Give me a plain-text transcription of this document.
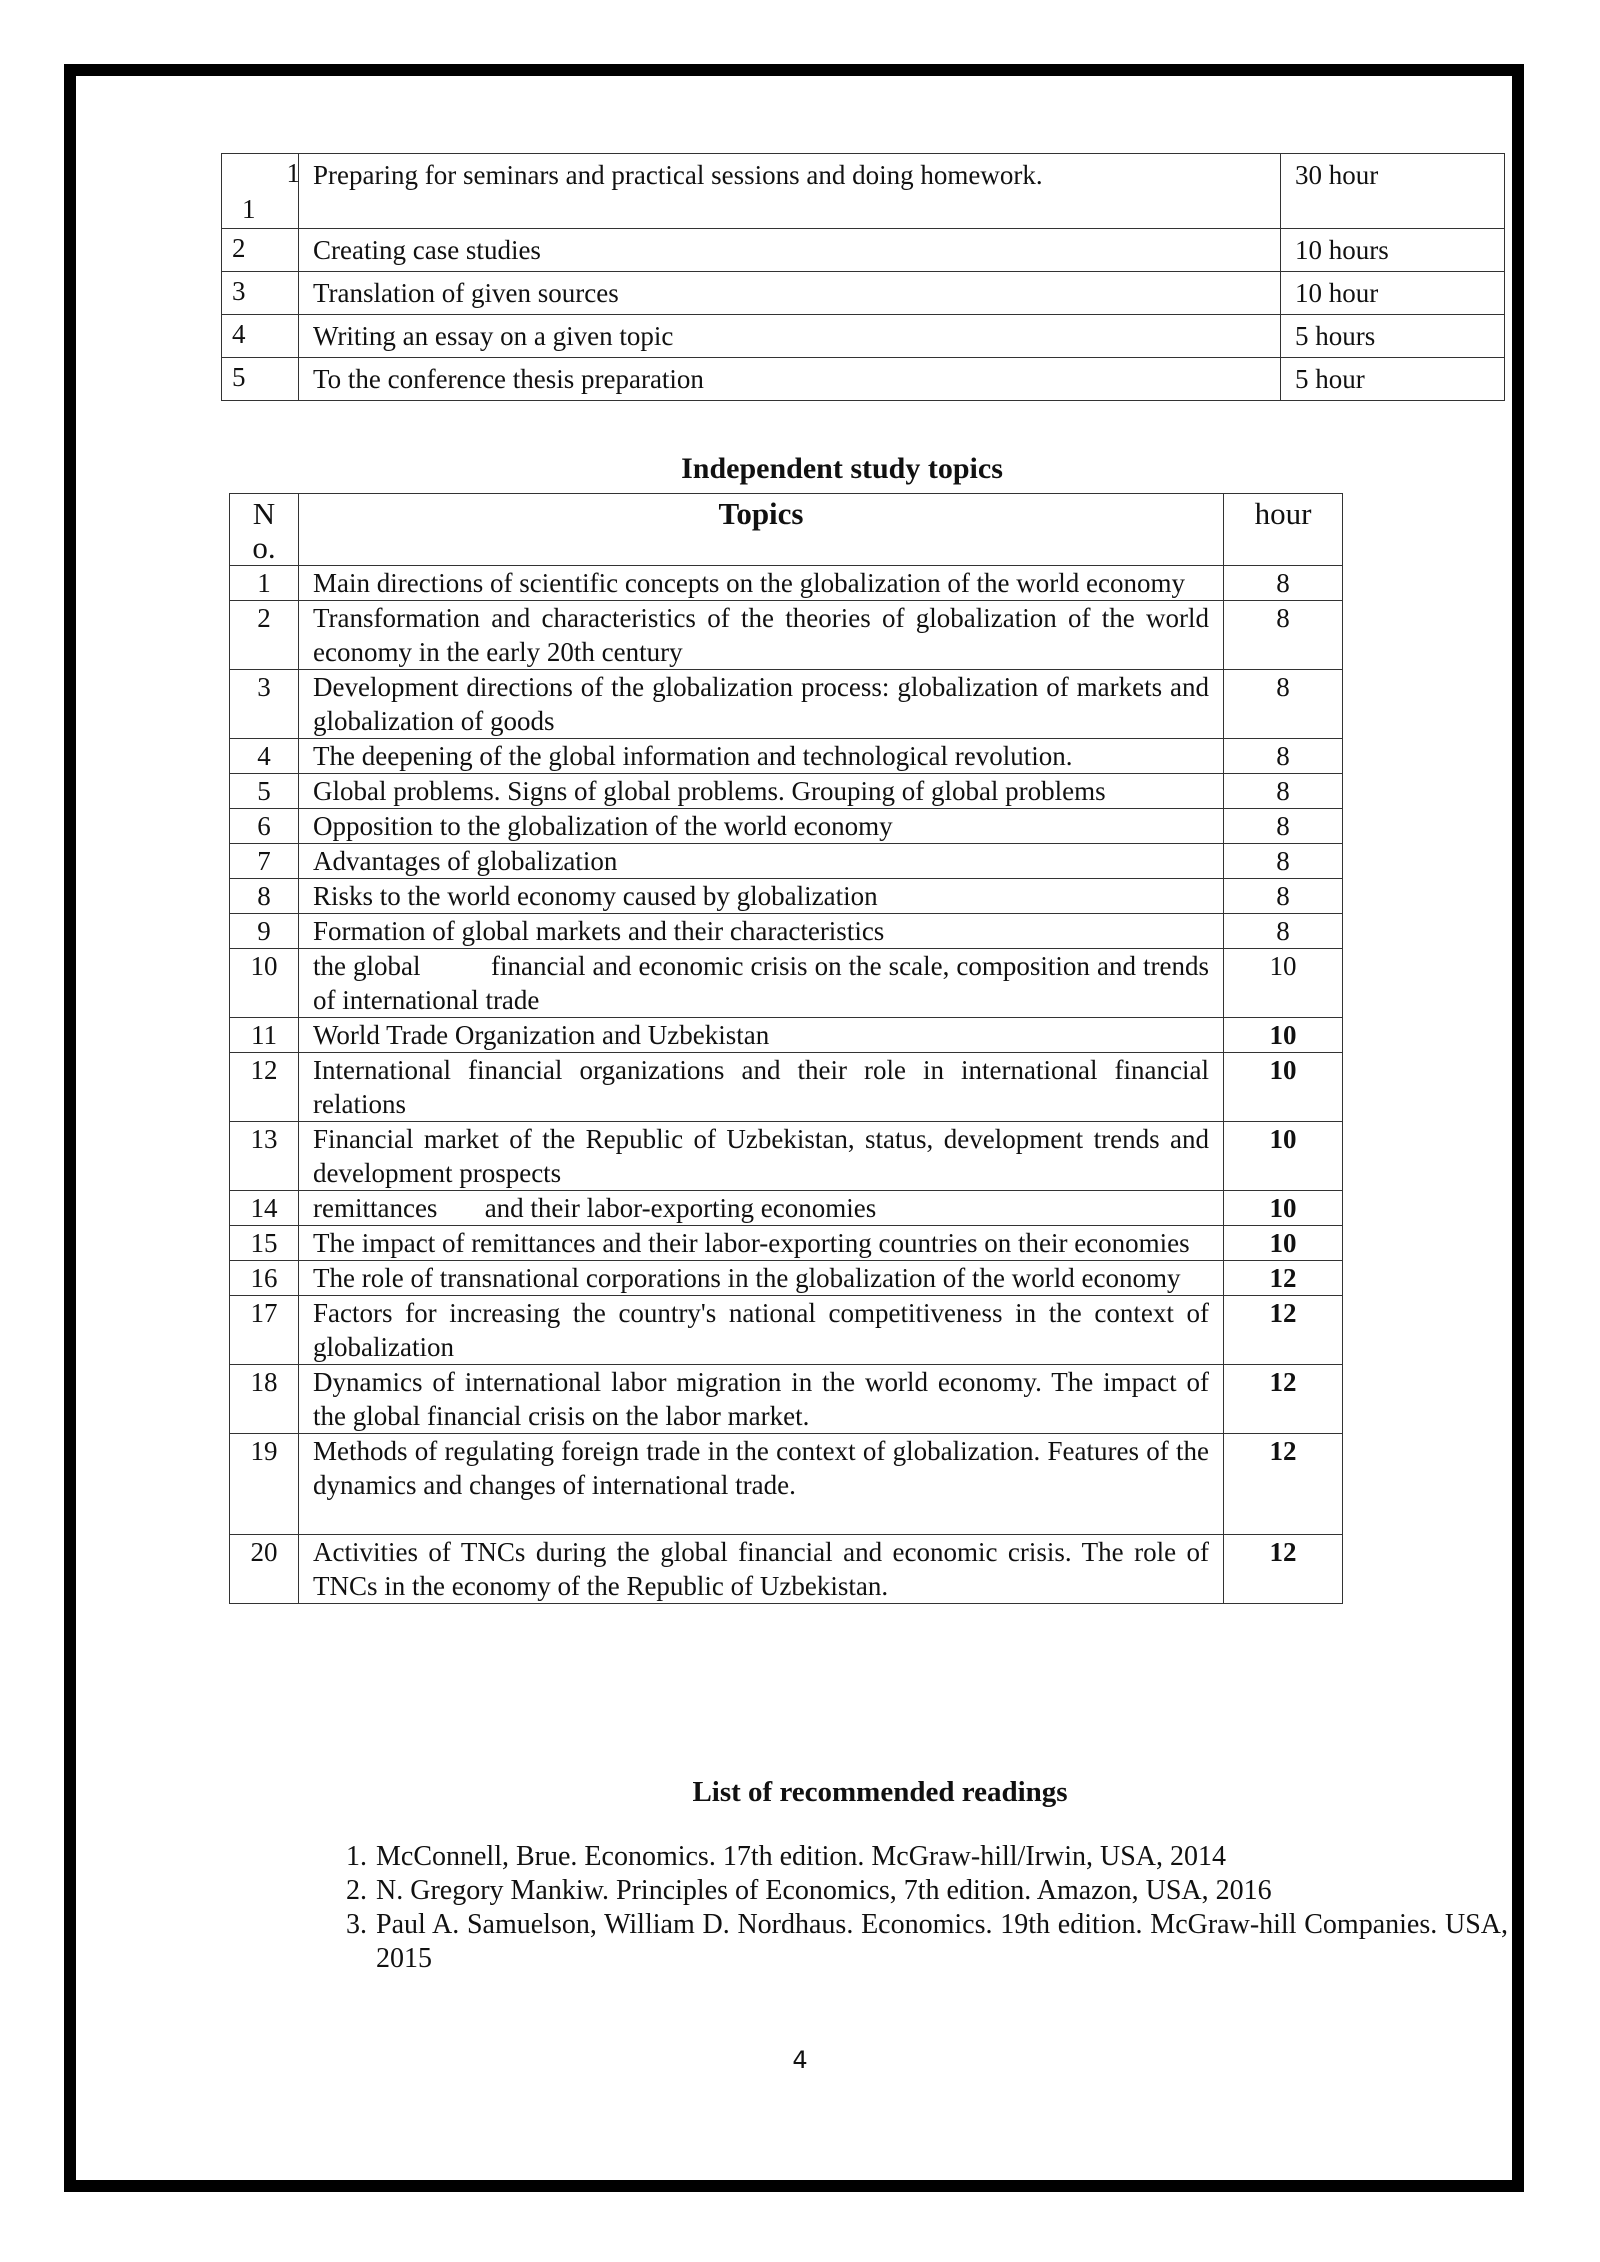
1
1	Preparing for seminars and practical sessions and doing homework.	30 hour
2	Creating case studies	10 hours
3	Translation of given sources	10 hour
4	Writing an essay on a given topic	5 hours
5	To the conference thesis preparation	5 hour
Independent study topics
N
o.	Topics	hour
1	Main directions of scientific concepts on the globalization of the world economy	8
2	Transformation and characteristics of the theories of globalization of the world economy in the early 20th century	8
3	Development directions of the globalization process: globalization of markets and globalization of goods	8
4	The deepening of the global information and technological revolution.	8
5	Global problems. Signs of global problems. Grouping of global problems	8
6	Opposition to the globalization of the world economy	8
7	Advantages of globalization	8
8	Risks to the world economy caused by globalization	8
9	Formation of global markets and their characteristics	8
10	the global          financial and economic crisis on the scale, composition and trends of international trade	10
11	World Trade Organization and Uzbekistan	10
12	International financial organizations and their role in international financial relations	10
13	Financial market of the Republic of Uzbekistan, status, development trends and development prospects	10
14	remittances       and their labor-exporting economies	10
15	The impact of remittances and their labor-exporting countries on their economies	10
16	The role of transnational corporations in the globalization of the world economy	12
17	Factors for increasing the country's national competitiveness in the context of globalization	12
18	Dynamics of international labor migration in the world economy. The impact of the global financial crisis on the labor market.	12
19	Methods of regulating foreign trade in the context of globalization. Features of the dynamics and changes of international trade.	12
20	Activities of TNCs during the global financial and economic crisis. The role of TNCs in the economy of the Republic of Uzbekistan.	12
List of recommended readings
1. McConnell, Brue. Economics. 17th edition. McGraw-hill/Irwin, USA, 2014
2. N. Gregory Mankiw. Principles of Economics, 7th edition. Amazon, USA, 2016
3. Paul A. Samuelson, William D. Nordhaus. Economics. 19th edition. McGraw-hill Companies. USA, 2015
4
